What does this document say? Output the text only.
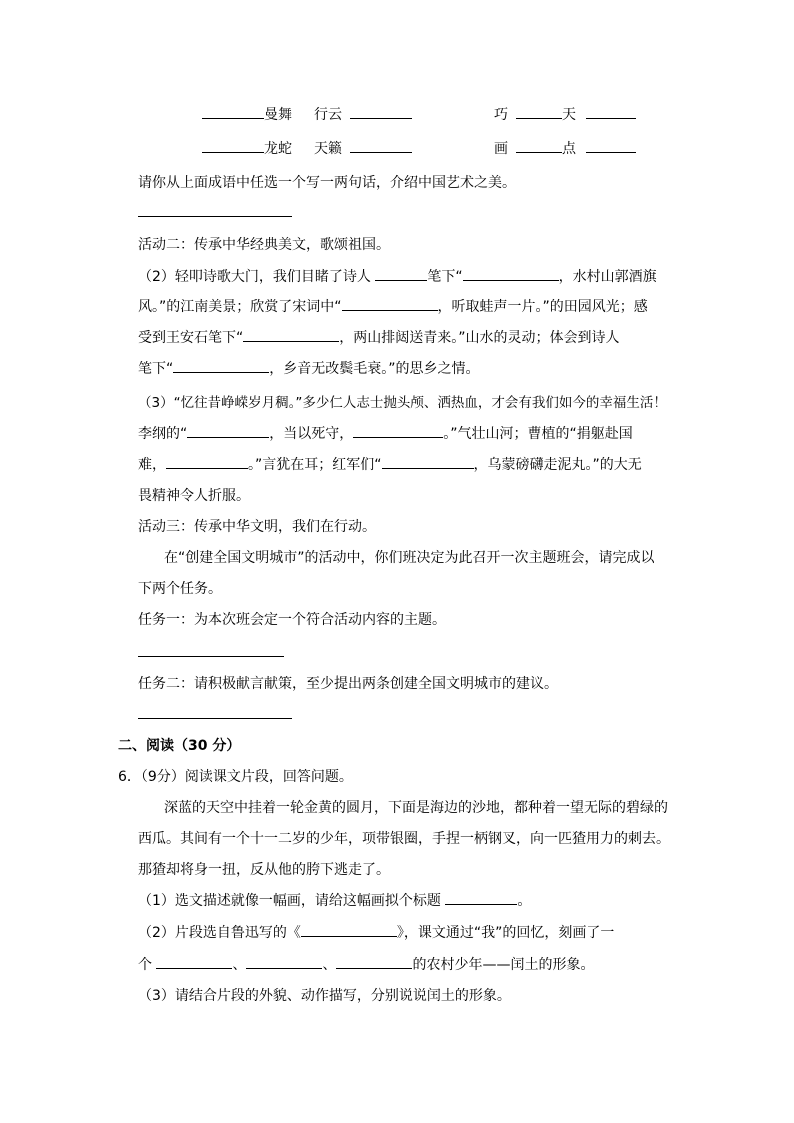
曼舞 行云	巧	天
龙蛇 天籁	画	点
请你从上面成语中任选一个写一两句话，介绍中国艺术之美。
活动二：传承中华经典美文，歌颂祖国。
（2）轻叩诗歌大门，我们目睹了诗人	笔下“	，水村山郭酒旗
风。”的江南美景；欣赏了宋词中“	，听取蛙声一片。”的田园风光；感
受到王安石笔下“	，两山排闼送青来。”山水的灵动；体会到诗人
笔下“	，乡音无改鬓毛衰。”的思乡之情。
（3）“忆往昔峥嵘岁月稠。”多少仁人志士抛头颅、洒热血，才会有我们如今的幸福生活！
李纲的“	，当以死守，	。”气壮山河；曹植的“捐躯赴国
难，	。”言犹在耳；红军们“	，乌蒙磅礴走泥丸。”的大无
畏精神令人折服。
活动三：传承中华文明，我们在行动。
在“创建全国文明城市”的活动中，你们班决定为此召开一次主题班会，请完成以
下两个任务。
任务一：为本次班会定一个符合活动内容的主题。
任务二：请积极献言献策，至少提出两条创建全国文明城市的建议。
二、阅读（30 分）
6．（9分）阅读课文片段，回答问题。
深蓝的天空中挂着一轮金黄的圆月，下面是海边的沙地，都种着一望无际的碧绿的
西瓜。其间有一个十一二岁的少年，项带银圈，手捏一柄钢叉，向一匹猹用力的刺去。
那猹却将身一扭，反从他的胯下逃走了。
（1）选文描述就像一幅画，请给这幅画拟个标题	。
（2）片段选自鲁迅写的《	》，课文通过“我”的回忆，刻画了一
个	、	、	的农村少年——闰土的形象。
（3）请结合片段的外貌、动作描写，分别说说闰土的形象。
